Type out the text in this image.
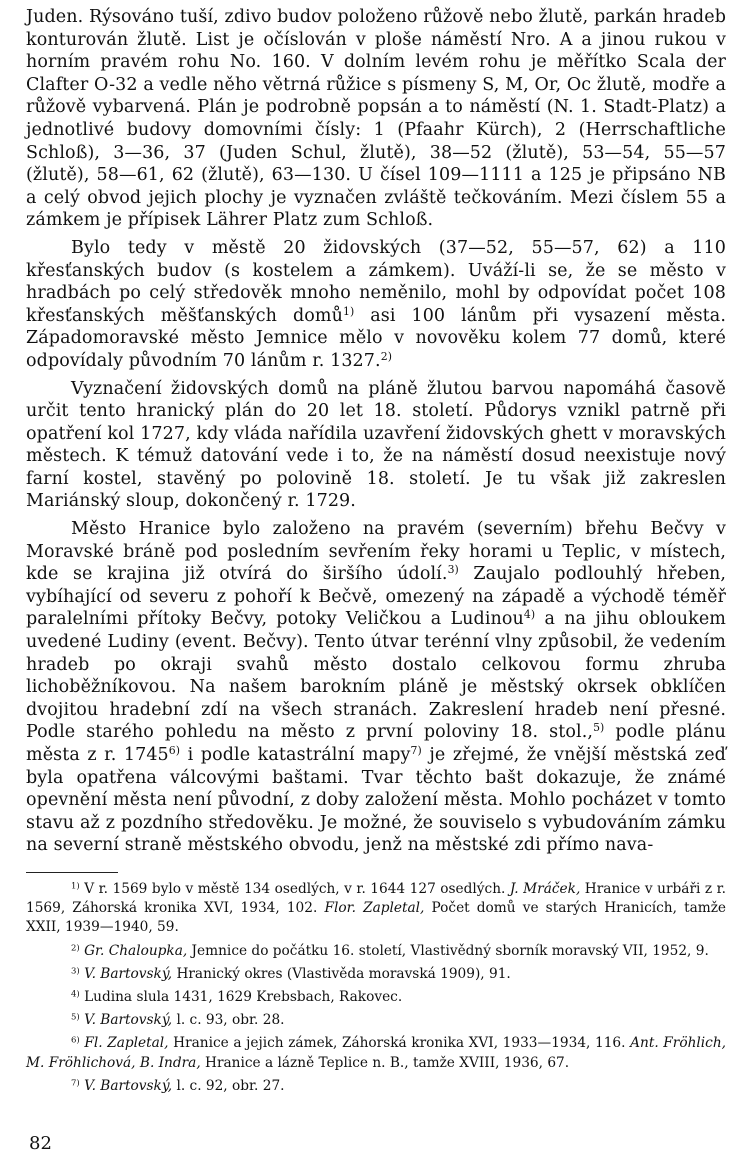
Juden. Rýsováno tuší, zdivo budov položeno růžově nebo žlutě, parkán hradeb konturován žlutě. List je očíslován v ploše náměstí Nro. A a jinou rukou v horním pravém rohu No. 160. V dolním levém rohu je měřítko Scala der Clafter O-32 a vedle něho větrná růžice s písmeny S, M, Or, Oc žlutě, modře a růžově vybarvená. Plán je podrobně popsán a to náměstí (N. 1. Stadt-Platz) a jednotlivé budovy domovními čísly: 1 (Pfaahr Kürch), 2 (Herrschaftliche Schloß), 3—36, 37 (Juden Schul, žlutě), 38—52 (žlutě), 53—54, 55—57 (žlutě), 58—61, 62 (žlutě), 63—130. U čísel 109—1111 a 125 je připsáno NB a celý obvod jejich plochy je vyznačen zvláště tečkováním. Mezi číslem 55 a zámkem je přípisek Lährer Platz zum Schloß.

Bylo tedy v městě 20 židovských (37—52, 55—57, 62) a 110 křesťanských budov (s kostelem a zámkem). Uváží-li se, že se město v hradbách po celý středověk mnoho neměnilo, mohl by odpovídat počet 108 křesťanských měšťanských domů$^{1)}$ asi 100 lánům při vysazení města. Západomoravské město Jemnice mělo v novověku kolem 77 domů, které odpovídaly původním 70 lánům r. 1327.$^{2)}$

Vyznačení židovských domů na pláně žlutou barvou napomáhá časově určit tento hranický plán do 20 let 18. století. Půdorys vznikl patrně při opatření kol 1727, kdy vláda nařídila uzavření židovských ghett v moravských městech. K témuž datování vede i to, že na náměstí dosud neexistuje nový farní kostel, stavěný po polovině 18. století. Je tu však již zakreslen Mariánský sloup, dokončený r. 1729.

Město Hranice bylo založeno na pravém (severním) břehu Bečvy v Moravské bráně pod posledním sevřením řeky horami u Teplic, v místech, kde se krajina již otvírá do širšího údolí.$^{3)}$ Zaujalo podlouhlý hřeben, vybíhající od severu z pohoří k Bečvě, omezený na západě a východě téměř paralelními přítoky Bečvy, potoky Veličkou a Ludinou$^{4)}$ a na jihu obloukem uvedené Ludiny (event. Bečvy). Tento útvar terénní vlny způsobil, že vedením hradeb po okraji svahů město dostalo celkovou formu zhruba lichoběžníkovou. Na našem barokním pláně je městský okrsek obklíčen dvojitou hradební zdí na všech stranách. Zakreslení hradeb není přesné. Podle starého pohledu na město z první poloviny 18. stol.,$^{5)}$ podle plánu města z r. 1745$^{6)}$ i podle katastrální mapy$^{7)}$ je zřejmé, že vnější městská zeď byla opatřena válcovými baštami. Tvar těchto bašt dokazuje, že známé opevnění města není původní, z doby založení města. Mohlo pocházet v tomto stavu až z pozdního středověku. Je možné, že souviselo s vybudováním zámku na severní straně městského obvodu, jenž na městské zdi přímo nava-

$^{1)}$ V r. 1569 bylo v městě 134 osedlých, v r. 1644 127 osedlých. J. Mráček, Hranice v urbáři z r. 1569, Záhorská kronika XVI, 1934, 102. Flor. Zapletal, Počet domů ve starých Hranicích, tamže XXII, 1939—1940, 59.

$^{2)}$ Gr. Chaloupka, Jemnice do počátku 16. století, Vlastivědný sborník moravský VII, 1952, 9.

$^{3)}$ V. Bartovský, Hranický okres (Vlastivěda moravská 1909), 91.

$^{4)}$ Ludina slula 1431, 1629 Krebsbach, Rakovec.

$^{5)}$ V. Bartovský, l. c. 93, obr. 28.

$^{6)}$ Fl. Zapletal, Hranice a jejich zámek, Záhorská kronika XVI, 1933—1934, 116. Ant. Fröhlich, M. Fröhlichová, B. Indra, Hranice a lázně Teplice n. B., tamže XVIII, 1936, 67.

$^{7)}$ V. Bartovský, l. c. 92, obr. 27.

82
